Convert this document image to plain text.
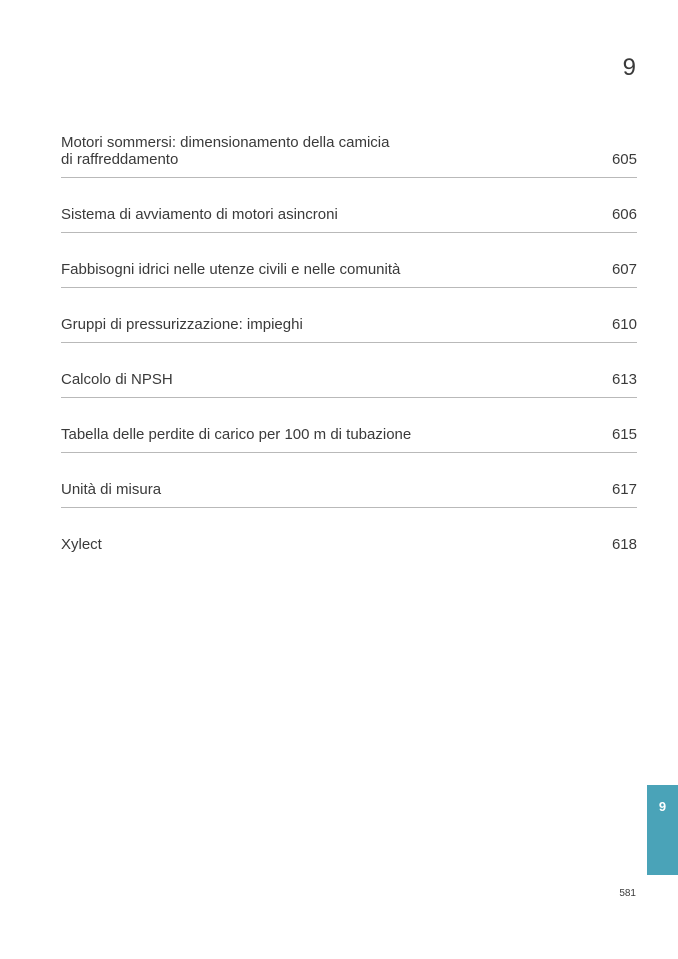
9
Motori sommersi: dimensionamento della camicia
di raffreddamento	605
Sistema di avviamento di motori asincroni	606
Fabbisogni idrici nelle utenze civili e nelle comunità	607
Gruppi di pressurizzazione: impieghi	610
Calcolo di NPSH	613
Tabella delle perdite di carico per 100 m di tubazione	615
Unità di misura	617
Xylect	618
9
581
